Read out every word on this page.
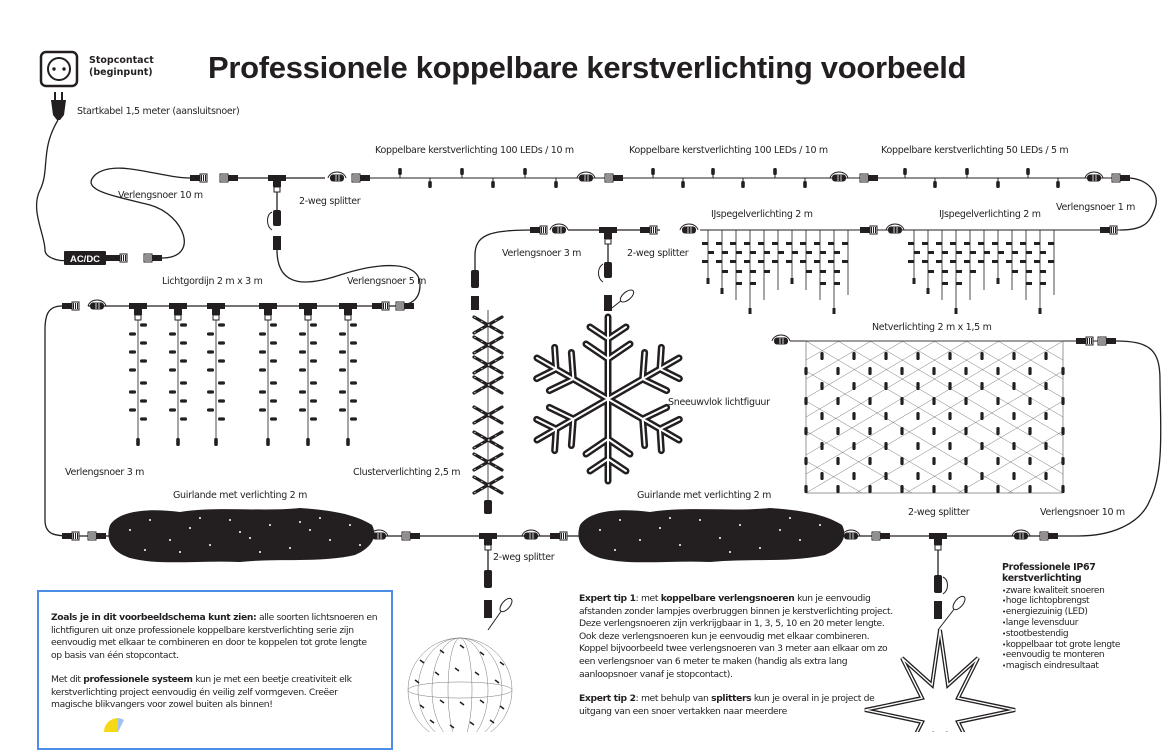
Professionele koppelbare kerstverlichting voorbeeld
AC/DC
Stopcontact
(beginpunt)
Startkabel 1,5 meter (aansluitsnoer)
Verlengsnoer 10 m
2-weg splitter
Koppelbare kerstverlichting 100 LEDs / 10 m	Koppelbare kerstverlichting 100 LEDs / 10 m	Koppelbare kerstverlichting 50 LEDs / 5 m
Verlengsnoer 1 m
IJspegelverlichting 2 m	IJspegelverlichting 2 m
Verlengsnoer 3 m	2-weg splitter
Lichtgordijn 2 m x 3 m	Verlengsnoer 5 m
Sneeuwvlok lichtfiguur
Netverlichting 2 m x 1,5 m
Verlengsnoer 3 m	Clusterverlichting 2,5 m
Guirlande met verlichting 2 m	Guirlande met verlichting 2 m
2-weg splitter
2-weg splitter	Verlengsnoer 10 m

Zoals je in dit voorbeeldschema kunt zien: alle soorten lichtsnoeren en lichtfiguren uit onze professionele koppelbare kerstverlichting serie zijn eenvoudig met elkaar te combineren en door te koppelen tot grote lengte op basis van één stopcontact.

Met dit professionele systeem kun je met een beetje creativiteit elk kerstverlichting project eenvoudig én veilig zelf vormgeven. Creëer magische blikvangers voor zowel buiten als binnen!

Expert tip 1: met koppelbare verlengsnoeren kun je eenvoudig afstanden zonder lampjes overbruggen binnen je kerstverlichting project. Deze verlengsnoeren zijn verkrijgbaar in 1, 3, 5, 10 en 20 meter lengte. Ook deze verlengsnoeren kun je eenvoudig met elkaar combineren. Koppel bijvoorbeeld twee verlengsnoeren van 3 meter aan elkaar om zo een verlengsnoer van 6 meter te maken (handig als extra lang aanloopsnoer vanaf je stopcontact).

Expert tip 2: met behulp van splitters kun je overal in je project de uitgang van een snoer vertakken naar meerdere

Professionele IP67 kerstverlichting
• zware kwaliteit snoeren
• hoge lichtopbrengst
• energiezuinig (LED)
• lange levensduur
• stootbestendig
• koppelbaar tot grote lengte
• eenvoudig te monteren
• magisch eindresultaat
